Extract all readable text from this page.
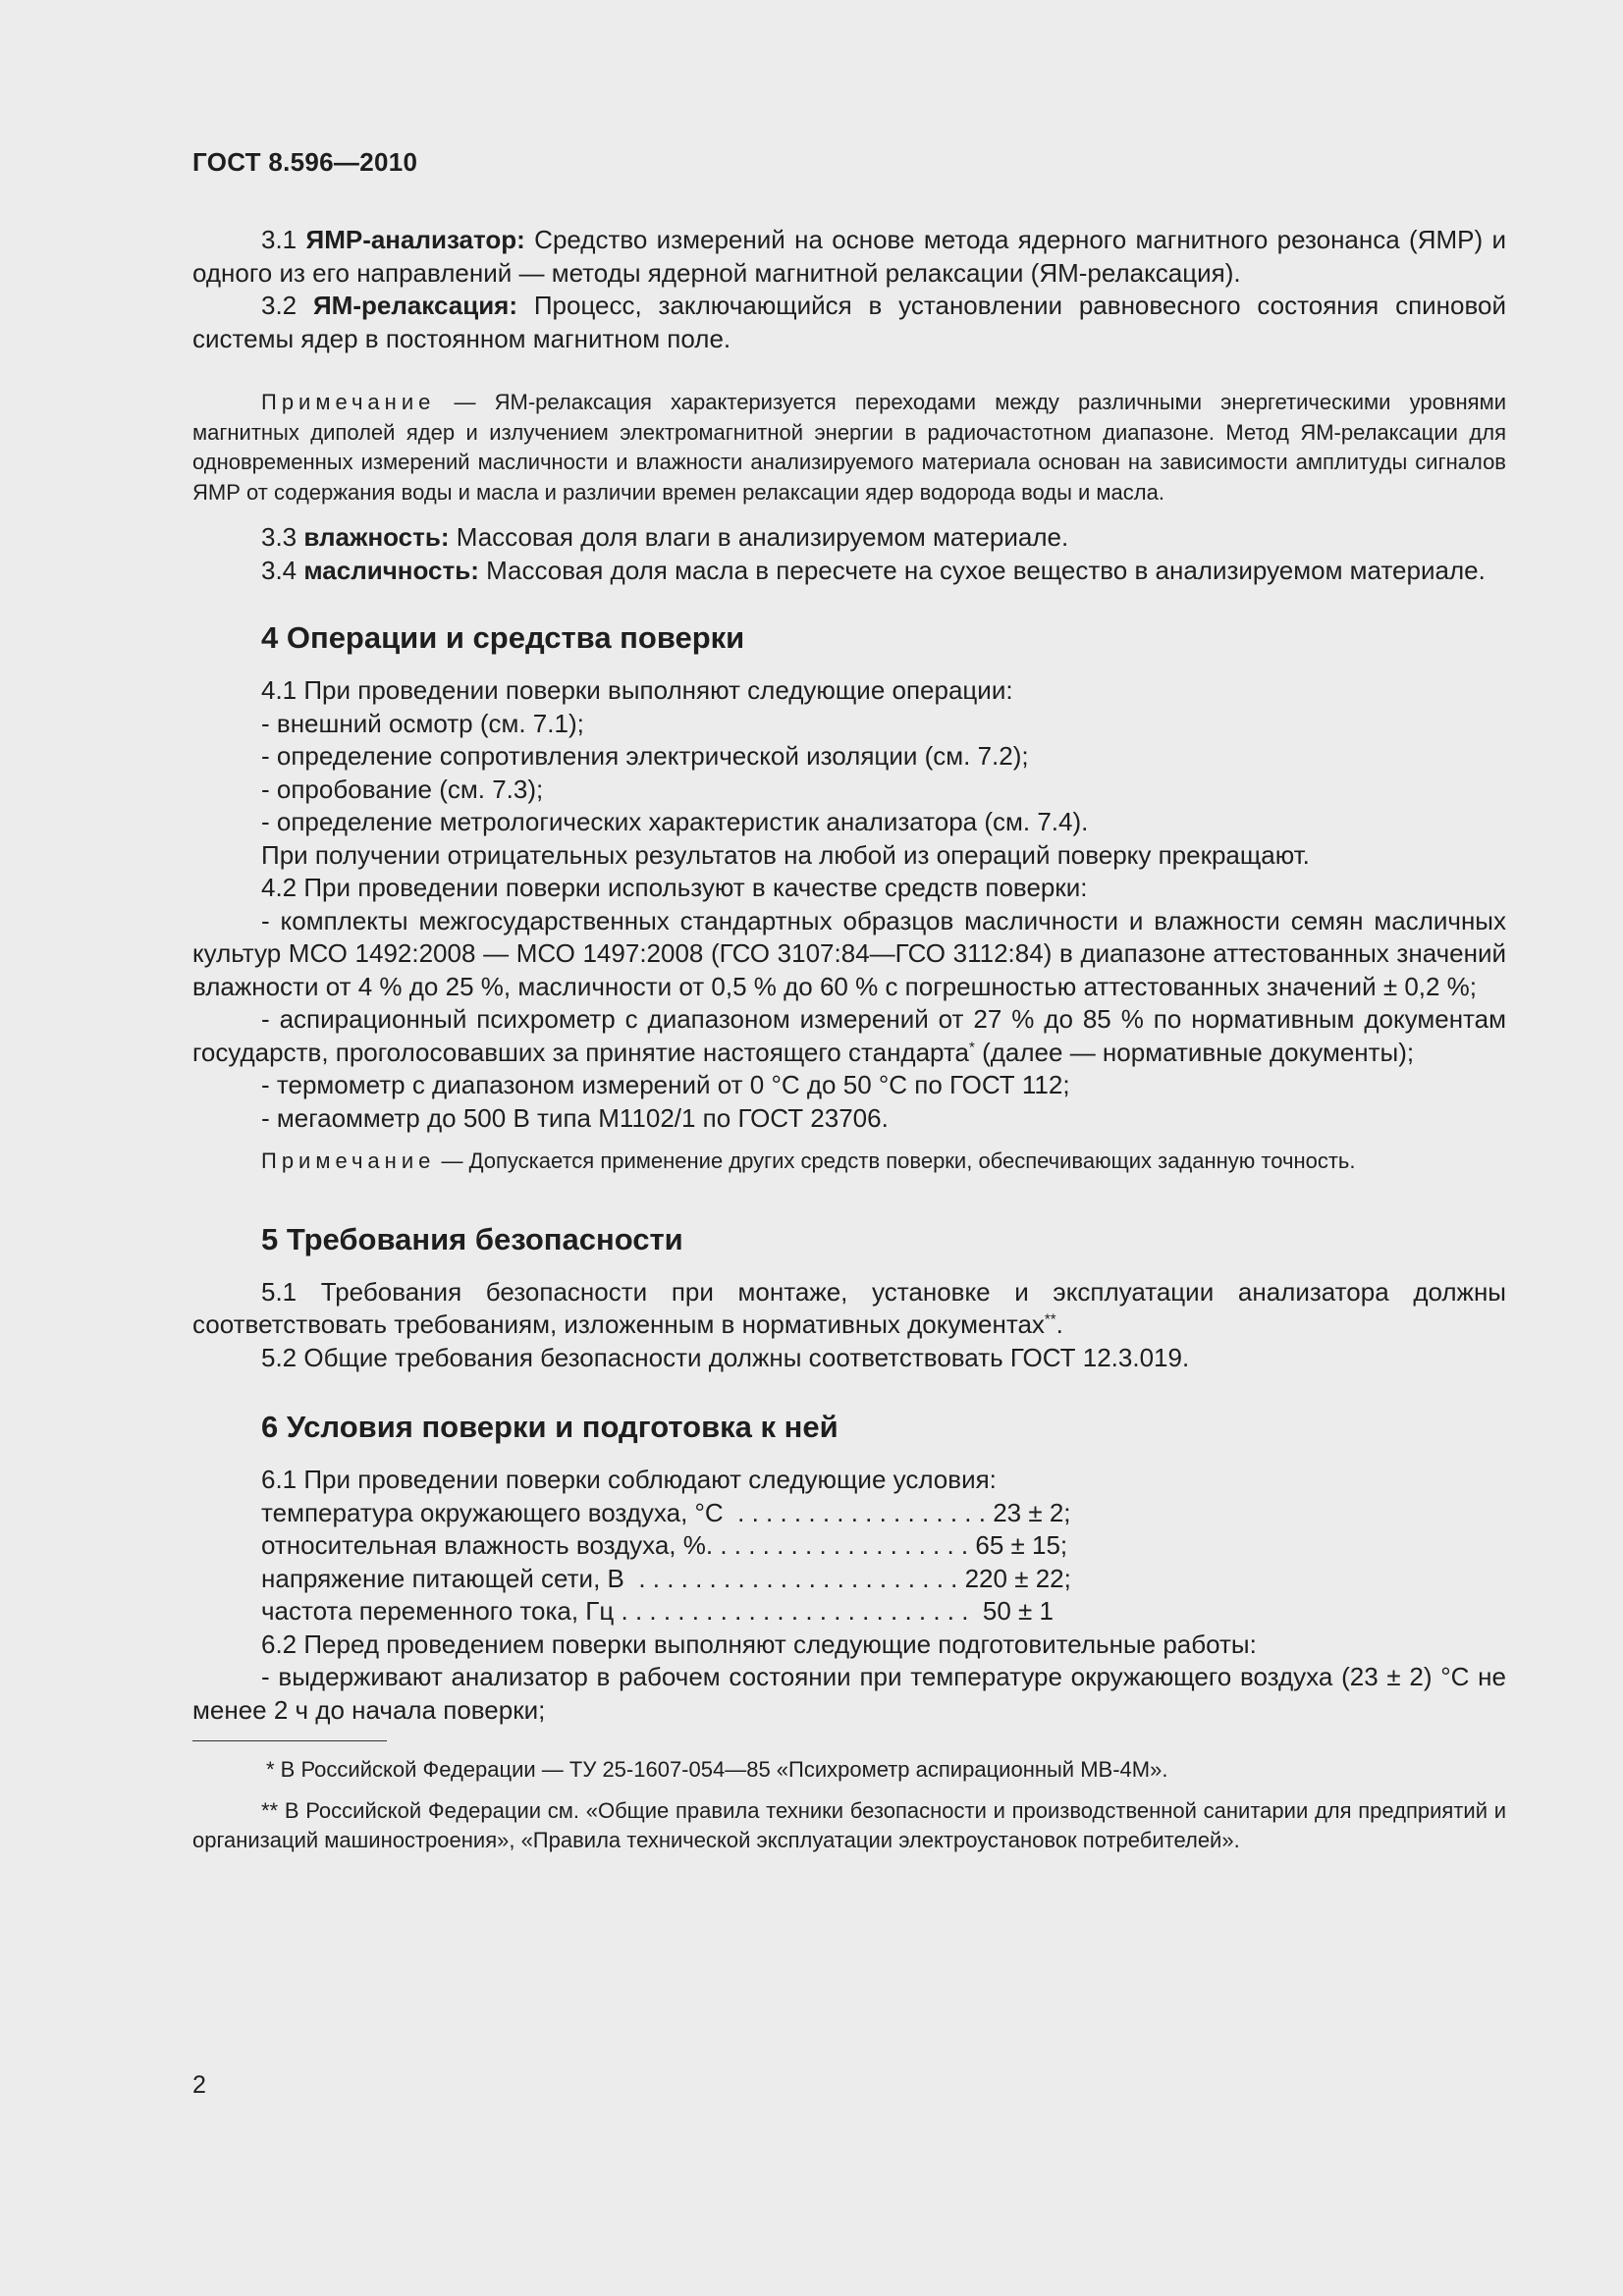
ГОСТ 8.596—2010

3.1 ЯМР-анализатор: Средство измерений на основе метода ядерного магнитного резонанса (ЯМР) и одного из его направлений — методы ядерной магнитной релаксации (ЯМ-релаксация).

3.2 ЯМ-релаксация: Процесс, заключающийся в установлении равновесного состояния спиновой системы ядер в постоянном магнитном поле.

Примечание — ЯМ-релаксация характеризуется переходами между различными энергетическими уровнями магнитных диполей ядер и излучением электромагнитной энергии в радиочастотном диапазоне. Метод ЯМ-релаксации для одновременных измерений масличности и влажности анализируемого материала основан на зависимости амплитуды сигналов ЯМР от содержания воды и масла и различии времен релаксации ядер водорода воды и масла.

3.3 влажность: Массовая доля влаги в анализируемом материале.

3.4 масличность: Массовая доля масла в пересчете на сухое вещество в анализируемом материале.

4 Операции и средства поверки

4.1 При проведении поверки выполняют следующие операции:

- внешний осмотр (см. 7.1);

- определение сопротивления электрической изоляции (см. 7.2);

- опробование (см. 7.3);

- определение метрологических характеристик анализатора (см. 7.4).

При получении отрицательных результатов на любой из операций поверку прекращают.

4.2 При проведении поверки используют в качестве средств поверки:

- комплекты межгосударственных стандартных образцов масличности и влажности семян масличных культур МСО 1492:2008 — МСО 1497:2008 (ГСО 3107:84—ГСО 3112:84) в диапазоне аттестованных значений влажности от 4 % до 25 %, масличности от 0,5 % до 60 % с погрешностью аттестованных значений ± 0,2 %;

- аспирационный психрометр с диапазоном измерений от 27 % до 85 % по нормативным документам государств, проголосовавших за принятие настоящего стандарта* (далее — нормативные документы);

- термометр с диапазоном измерений от 0 °С до 50 °С по ГОСТ 112;

- мегаомметр до 500 В типа М1102/1 по ГОСТ 23706.

Примечание — Допускается применение других средств поверки, обеспечивающих заданную точность.

5 Требования безопасности

5.1 Требования безопасности при монтаже, установке и эксплуатации анализатора должны соответствовать требованиям, изложенным в нормативных документах**.

5.2 Общие требования безопасности должны соответствовать ГОСТ 12.3.019.

6 Условия поверки и подготовка к ней

6.1 При проведении поверки соблюдают следующие условия:

температура окружающего воздуха, °С  . . . . . . . . . . . . . . . . . . 23 ± 2;

относительная влажность воздуха, %. . . . . . . . . . . . . . . . . . . 65 ± 15;

напряжение питающей сети, В  . . . . . . . . . . . . . . . . . . . . . . . 220 ± 22;

частота переменного тока, Гц . . . . . . . . . . . . . . . . . . . . . . . . .  50 ± 1

6.2 Перед проведением поверки выполняют следующие подготовительные работы:

- выдерживают анализатор в рабочем состоянии при температуре окружающего воздуха (23 ± 2) °С не менее 2 ч до начала поверки;

* В Российской Федерации — ТУ 25-1607-054—85 «Психрометр аспирационный МВ-4М».

** В Российской Федерации см. «Общие правила техники безопасности и производственной санитарии для предприятий и организаций машиностроения», «Правила технической эксплуатации электроустановок потребителей».

2
